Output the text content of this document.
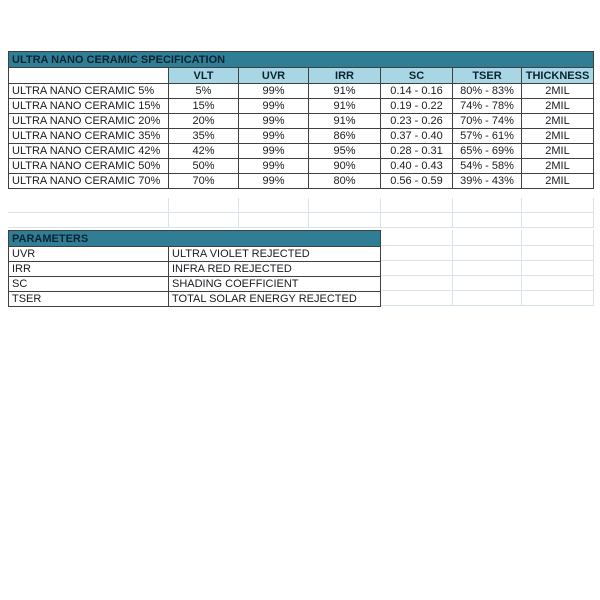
ULTRA NANO CERAMIC SPECIFICATION						
	VLT	UVR	IRR	SC	TSER	THICKNESS
ULTRA NANO CERAMIC 5%	5%	99%	91%	0.14 - 0.16	80% - 83%	2MIL
ULTRA NANO CERAMIC 15%	15%	99%	91%	0.19 - 0.22	74% - 78%	2MIL
ULTRA NANO CERAMIC 20%	20%	99%	91%	0.23 - 0.26	70% - 74%	2MIL
ULTRA NANO CERAMIC 35%	35%	99%	86%	0.37 - 0.40	57% - 61%	2MIL
ULTRA NANO CERAMIC 42%	42%	99%	95%	0.28 - 0.31	65% - 69%	2MIL
ULTRA NANO CERAMIC 50%	50%	99%	90%	0.40 - 0.43	54% - 58%	2MIL
ULTRA NANO CERAMIC 70%	70%	99%	80%	0.56 - 0.59	39% - 43%	2MIL
PARAMETERS	
UVR	ULTRA VIOLET REJECTED
IRR	INFRA RED REJECTED
SC	SHADING COEFFICIENT
TSER	TOTAL SOLAR ENERGY REJECTED
